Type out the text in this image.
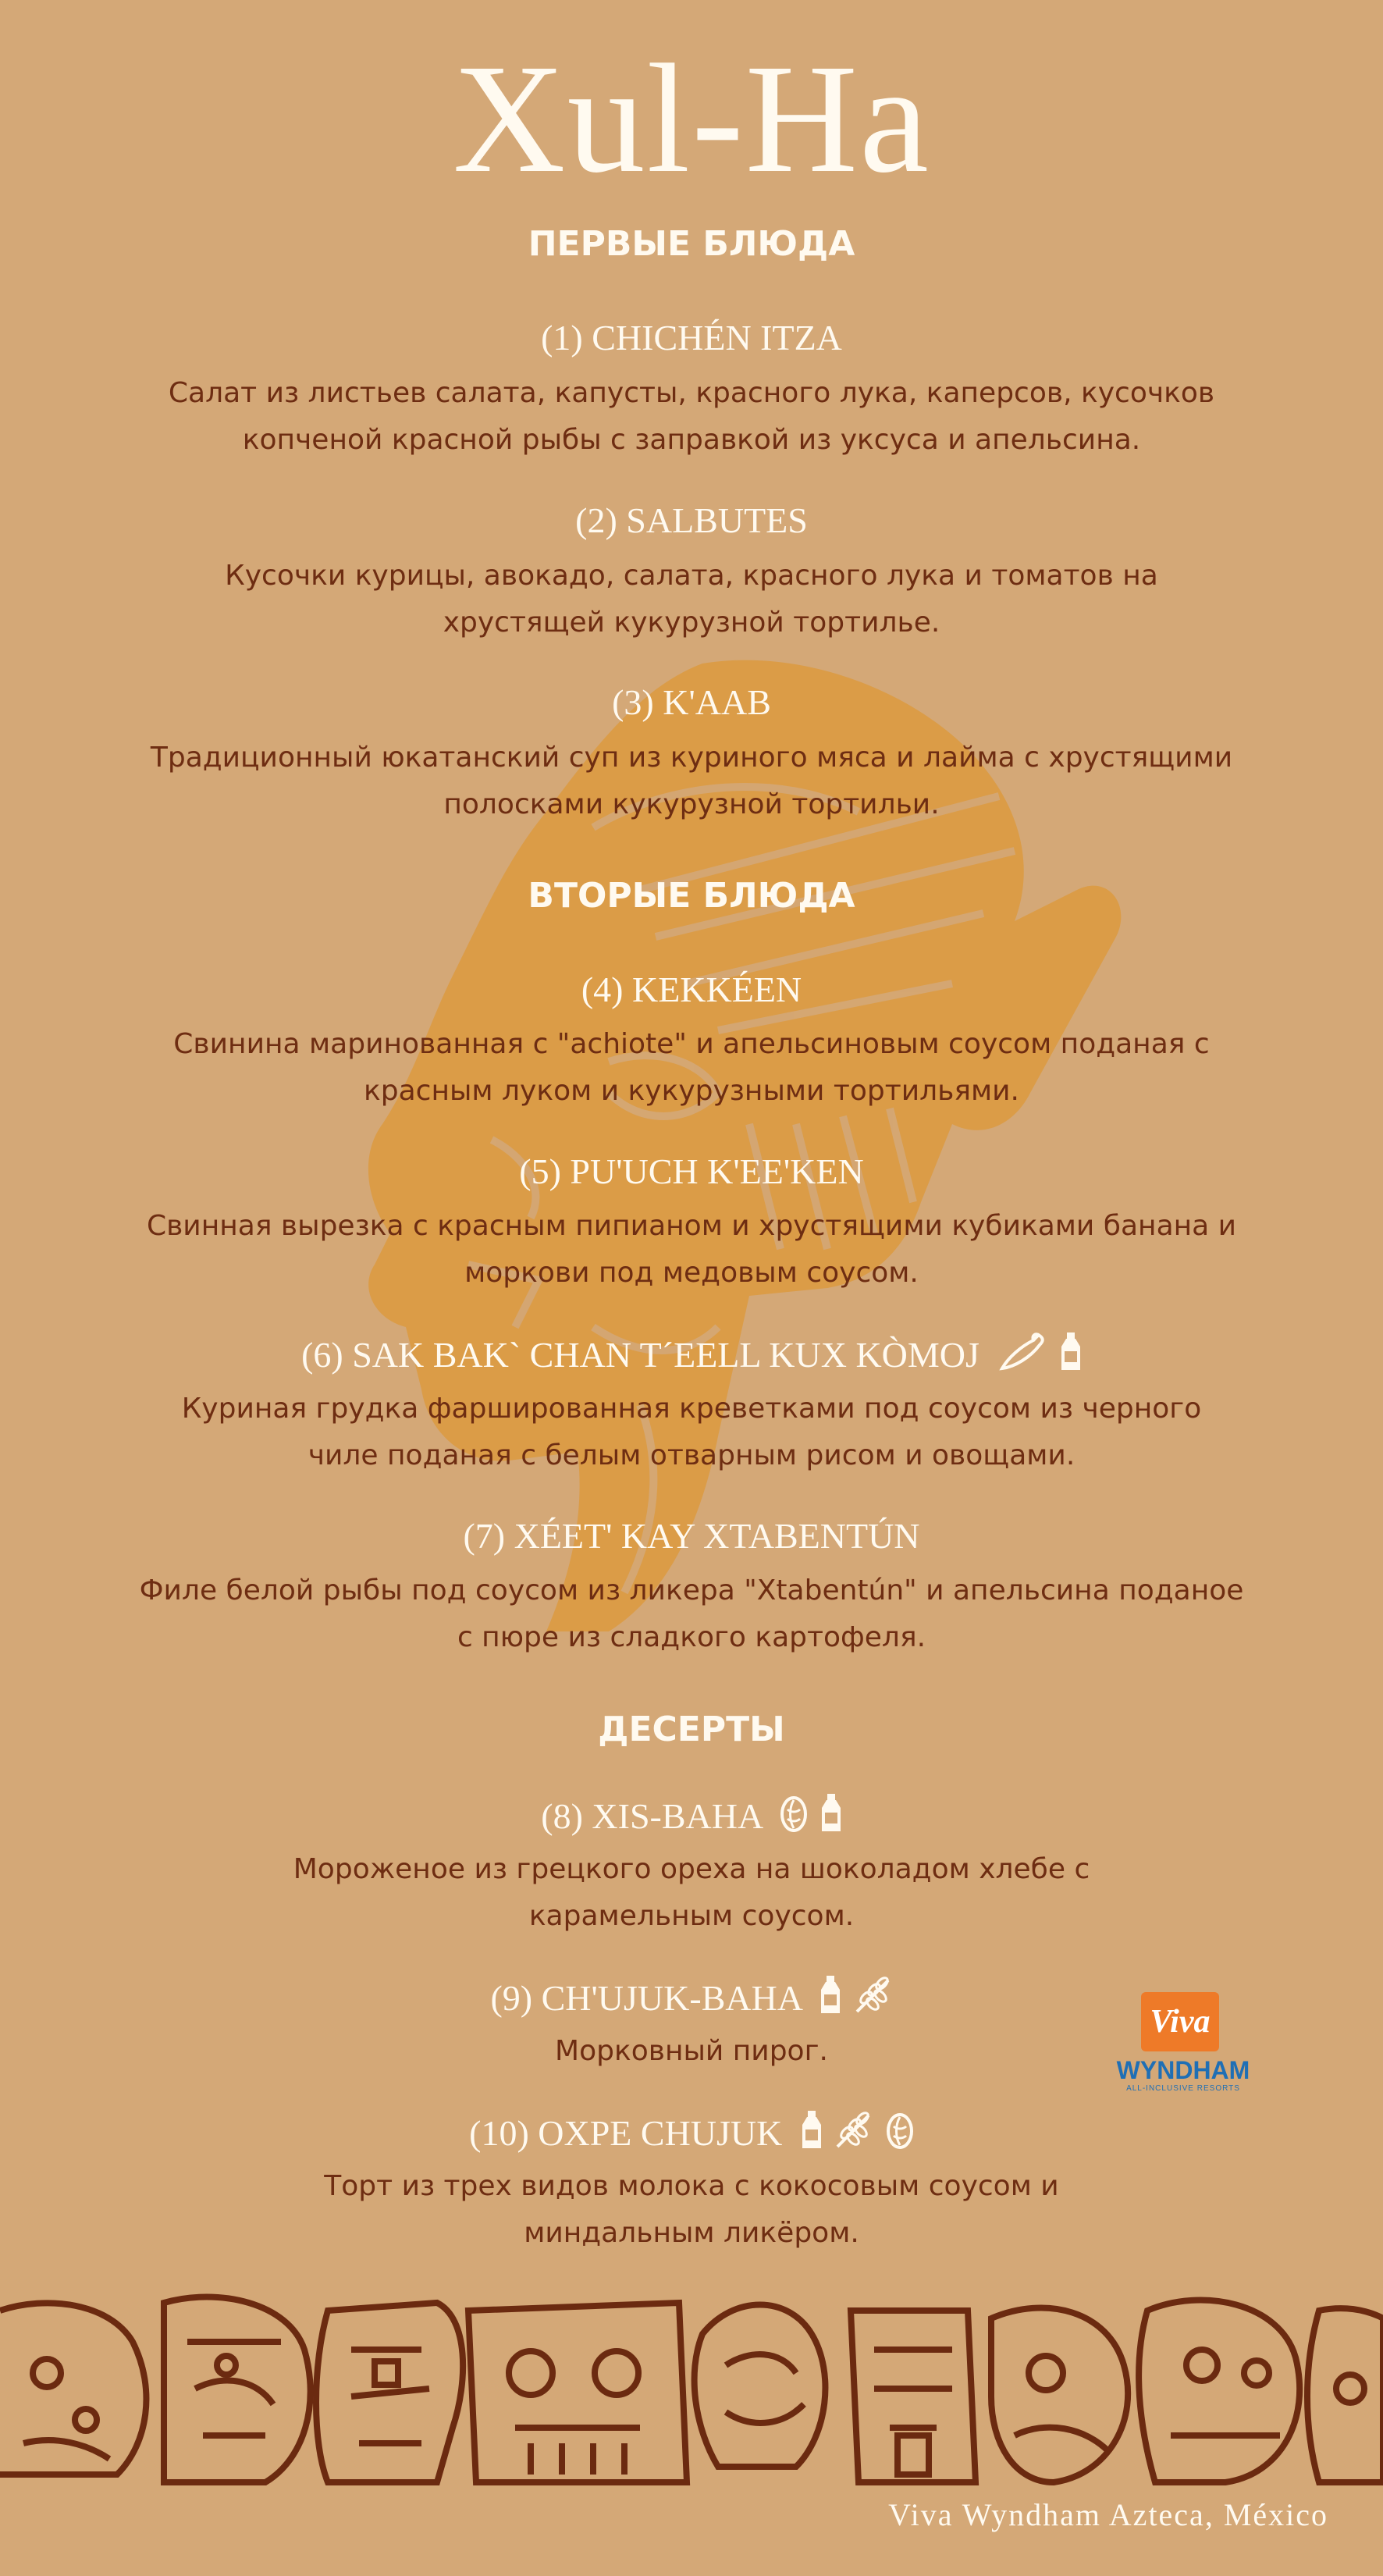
Xul-Ha
ПЕРВЫЕ БЛЮДА
(1) CHICHÉN ITZA
Салат из листьев салата, капусты, красного лука, каперсов, кусочков
копченой красной рыбы с заправкой из уксуса и апельсина.
(2) SALBUTES
Кусочки курицы, авокадо, салата, красного лука и томатов на
хрустящей кукурузной тортилье.
(3) K'AAB
Традиционный юкатанский суп из куриного мяса и лайма с хрустящими
полосками кукурузной тортильи.
ВТОРЫЕ БЛЮДА
(4) KEKKÉEN
Свинина маринованная с "achiote" и апельсиновым соусом поданая с
красным луком и кукурузными тортильями.
(5) PU'UCH K'EE'KEN
Свинная вырезка с красным пипианом и хрустящими кубиками банана и
моркови под медовым соусом.
(6) SAK BAK` CHAN T´EELL KUX KÒMOJ
Куриная грудка фаршированная креветками под соусом из черного
чиле поданая с белым отварным рисом и овощами.
(7) XÉET' KAY XTABENTÚN
Филе белой рыбы под соусом из ликера "Xtabentún" и апельсина поданое
с пюре из сладкого картофеля.
ДЕСЕРТЫ
(8) XIS-BAHA
Мороженое из грецкого ореха на шоколадом хлебе с
карамельным соусом.
(9) CH'UJUK-BAHA
Морковный пирог.
(10) OXPE CHUJUK
Торт из трех видов молока с кокосовым соусом и
миндальным ликёром.
Viva
WYNDHAM
ALL-INCLUSIVE RESORTS
Viva Wyndham Azteca, México
